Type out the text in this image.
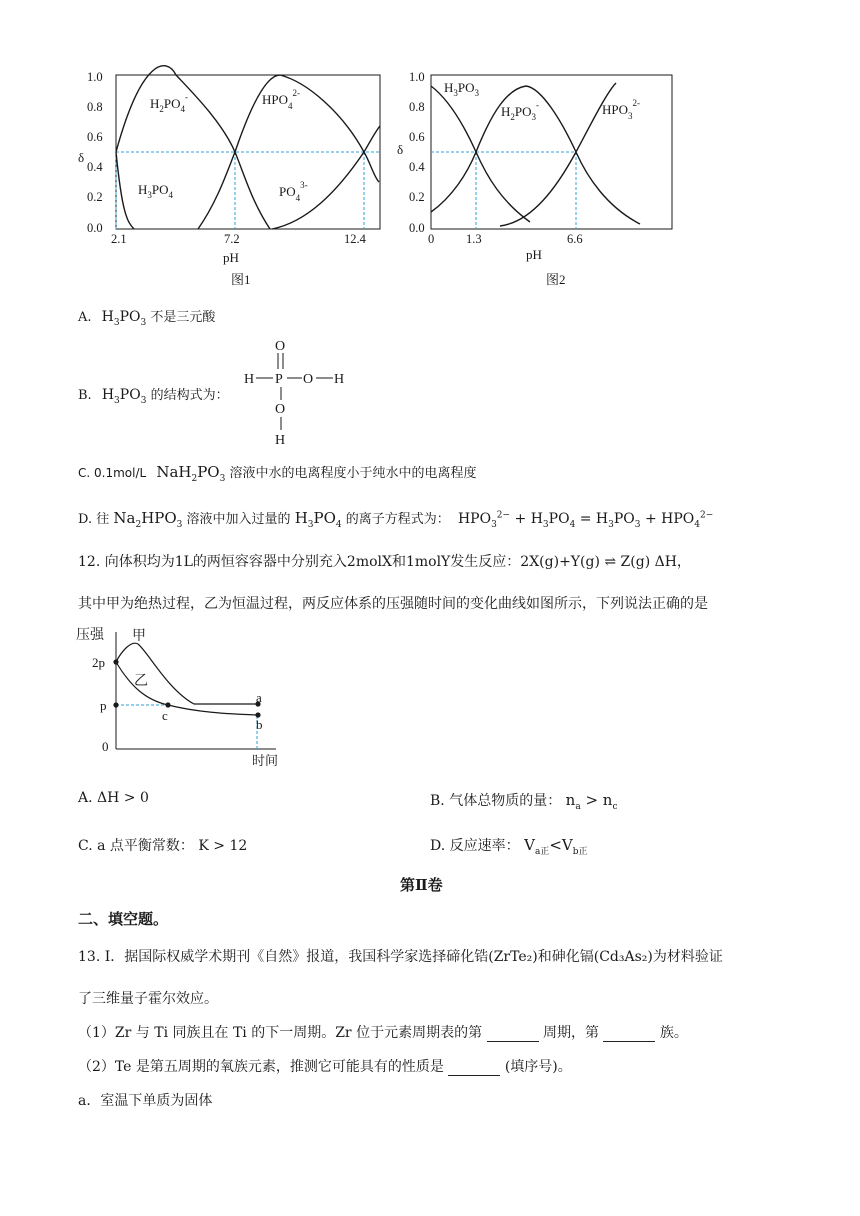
1.0
0.8
0.6
0.4
0.2
0.0
δ
2.1	7.2	12.4
pH
图1
$H_2PO_4^-$	$HPO_4^{2-}$
$H_3PO_4$	$PO_4^{3-}$
1.0
0.8
0.6
0.4
0.2
0.0
δ
0	1.3	6.6
pH
图2
$H_3PO_3$
$H_2PO_3^-$	$HPO_3^{2-}$
A. $H_3PO_3$ 不是三元酸
B. $H_3PO_3$ 的结构式为：
O
H P O H
O
H
C. 0.1mol/L $NaH_2PO_3$ 溶液中水的电离程度小于纯水中的电离程度
D. 往 $Na_2HPO_3$ 溶液中加入过量的 $H_3PO_4$ 的离子方程式为： $HPO_3^{2-} + H_3PO_4 = H_3PO_3 + HPO_4^{2-}$
12. 向体积均为1L的两恒容容器中分别充入2molX和1molY发生反应：2X(g)+Y(g) ⇌ Z(g) ΔH，
其中甲为绝热过程，乙为恒温过程，两反应体系的压强随时间的变化曲线如图所示，下列说法正确的是
压强 甲
2p
p
0
时间
乙
a
b
c
A. ΔH > 0	B. 气体总物质的量： $n_a > n_c$
C. a 点平衡常数： K > 12	D. 反应速率： $V_{a正}<V_{b正}$
第Ⅱ卷
二、填空题。
13. I．据国际权威学术期刊《自然》报道，我国科学家选择碲化锆(ZrTe₂)和砷化镉(Cd₃As₂)为材料验证
了三维量子霍尔效应。
（1）Zr 与 Ti 同族且在 Ti 的下一周期。Zr 位于元素周期表的第	周期，第	族。
（2）Te 是第五周期的氧族元素，推测它可能具有的性质是	(填序号)。
a．室温下单质为固体
